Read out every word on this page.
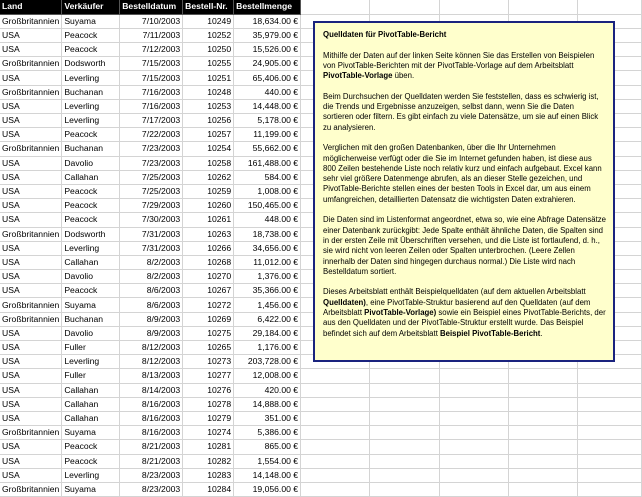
Land	Verkäufer	Bestelldatum	Bestell-Nr.	Bestellmenge					
Großbritannien	Suyama	7/10/2003	10249	18,634.00 €					
USA	Peacock	7/11/2003	10252	35,979.00 €					
USA	Peacock	7/12/2003	10250	15,526.00 €					
Großbritannien	Dodsworth	7/15/2003	10255	24,905.00 €					
USA	Leverling	7/15/2003	10251	65,406.00 €					
Großbritannien	Buchanan	7/16/2003	10248	440.00 €					
USA	Leverling	7/16/2003	10253	14,448.00 €					
USA	Leverling	7/17/2003	10256	5,178.00 €					
USA	Peacock	7/22/2003	10257	11,199.00 €					
Großbritannien	Buchanan	7/23/2003	10254	55,662.00 €					
USA	Davolio	7/23/2003	10258	161,488.00 €					
USA	Callahan	7/25/2003	10262	584.00 €					
USA	Peacock	7/25/2003	10259	1,008.00 €					
USA	Peacock	7/29/2003	10260	150,465.00 €					
USA	Peacock	7/30/2003	10261	448.00 €					
Großbritannien	Dodsworth	7/31/2003	10263	18,738.00 €					
USA	Leverling	7/31/2003	10266	34,656.00 €					
USA	Callahan	8/2/2003	10268	11,012.00 €					
USA	Davolio	8/2/2003	10270	1,376.00 €					
USA	Peacock	8/6/2003	10267	35,366.00 €					
Großbritannien	Suyama	8/6/2003	10272	1,456.00 €					
Großbritannien	Buchanan	8/9/2003	10269	6,422.00 €					
USA	Davolio	8/9/2003	10275	29,184.00 €					
USA	Fuller	8/12/2003	10265	1,176.00 €					
USA	Leverling	8/12/2003	10273	203,728.00 €					
USA	Fuller	8/13/2003	10277	12,008.00 €					
USA	Callahan	8/14/2003	10276	420.00 €					
USA	Callahan	8/16/2003	10278	14,888.00 €					
USA	Callahan	8/16/2003	10279	351.00 €					
Großbritannien	Suyama	8/16/2003	10274	5,386.00 €					
USA	Peacock	8/21/2003	10281	865.00 €					
USA	Peacock	8/21/2003	10282	1,554.00 €					
USA	Leverling	8/23/2003	10283	14,148.00 €					
Großbritannien	Suyama	8/23/2003	10284	19,056.00 €					

Quelldaten für PivotTable-Bericht

Mithilfe der Daten auf der linken Seite können Sie das Erstellen von Beispielen von PivotTable-Berichten mit der PivotTable-Vorlage auf dem Arbeitsblatt PivotTable-Vorlage üben.

Beim Durchsuchen der Quelldaten werden Sie feststellen, dass es schwierig ist, die Trends und Ergebnisse anzuzeigen, selbst dann, wenn Sie die Daten sortieren oder filtern. Es gibt einfach zu viele Datensätze, um sie auf einen Blick zu analysieren.

Verglichen mit den großen Datenbanken, über die Ihr Unternehmen möglicherweise verfügt oder die Sie im Internet gefunden haben, ist diese aus 800 Zeilen bestehende Liste noch relativ kurz und einfach aufgebaut. Excel kann sehr viel größere Datenmenge abrufen, als an dieser Stelle gezeichen, und PivotTable-Berichte stellen eines der besten Tools in Excel dar, um aus einem umfangreichen, detaillierten Datensatz die wichtigsten Daten extrahieren.

Die Daten sind im Listenformat angeordnet, etwa so, wie eine Abfrage Datensätze einer Datenbank zurückgibt: Jede Spalte enthält ähnliche Daten, die Spalten sind in der ersten Zeile mit Überschriften versehen, und die Liste ist fortlaufend, d. h., sie wird nicht von leeren Zeilen oder Spalten unterbrochen. (Leere Zellen innerhalb der Daten sind hingegen durchaus normal.) Die Liste wird nach Bestelldatum sortiert.

Dieses Arbeitsblatt enthält Beispielquelldaten (auf dem aktuellen Arbeitsblatt Quelldaten), eine PivotTable-Struktur basierend auf den Quelldaten (auf dem Arbeitsblatt PivotTable-Vorlage) sowie ein Beispiel eines PivotTable-Berichts, der aus den Quelldaten und der PivotTable-Struktur erstellt wurde. Das Beispiel befindet sich auf dem Arbeitsblatt Beispiel PivotTable-Bericht.
